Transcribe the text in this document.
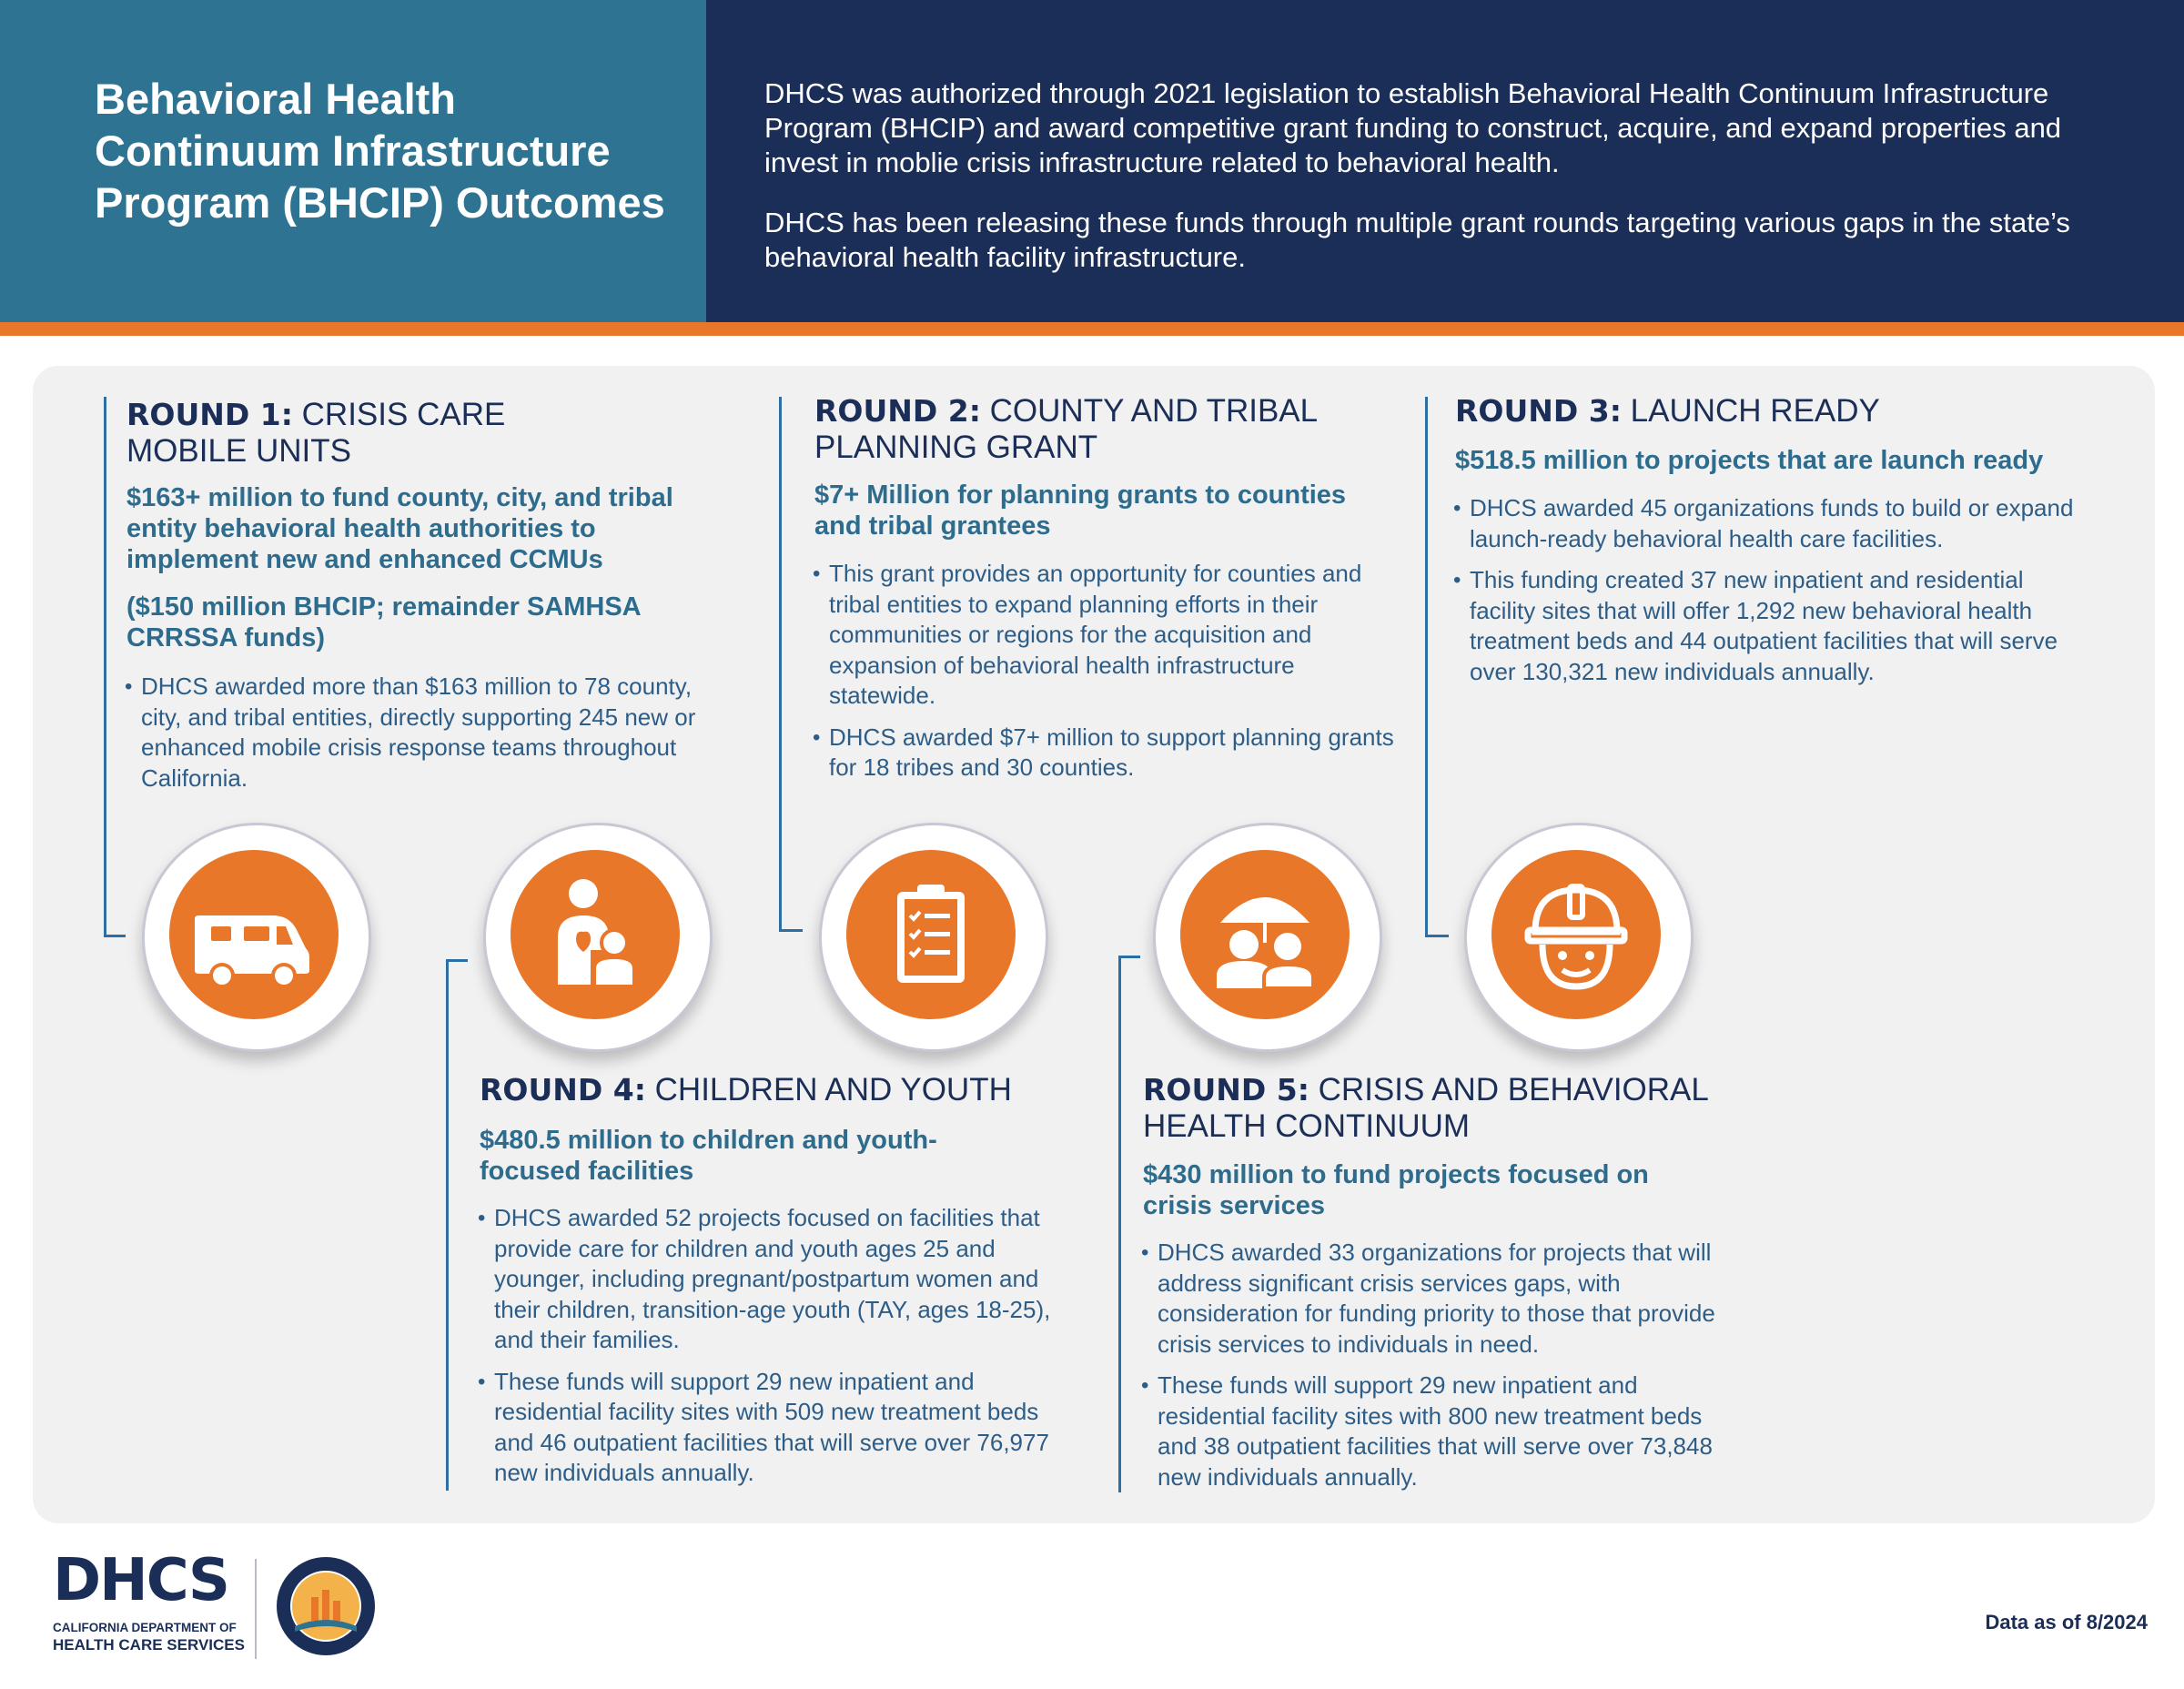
Behavioral Health Continuum Infrastructure Program (BHCIP) Outcomes

DHCS was authorized through 2021 legislation to establish Behavioral Health Continuum Infrastructure Program (BHCIP) and award competitive grant funding to construct, acquire, and expand properties and invest in moblie crisis infrastructure related to behavioral health.

DHCS has been releasing these funds through multiple grant rounds targeting various gaps in the state’s behavioral health facility infrastructure.

ROUND 1: CRISIS CARE MOBILE UNITS

$163+ million to fund county, city, and tribal entity behavioral health authorities to implement new and enhanced CCMUs

($150 million BHCIP; remainder SAMHSA CRRSSA funds)

• DHCS awarded more than $163 million to 78 county, city, and tribal entities, directly supporting 245 new or enhanced mobile crisis response teams throughout California.
ROUND 2: COUNTY AND TRIBAL PLANNING GRANT

$7+ Million for planning grants to counties and tribal grantees

• This grant provides an opportunity for counties and tribal entities to expand planning efforts in their communities or regions for the acquisition and expansion of behavioral health infrastructure statewide.
• DHCS awarded $7+ million to support planning grants for 18 tribes and 30 counties.
ROUND 3: LAUNCH READY

$518.5 million to projects that are launch ready

• DHCS awarded 45 organizations funds to build or expand launch-ready behavioral health care facilities.
• This funding created 37 new inpatient and residential facility sites that will offer 1,292 new behavioral health treatment beds and 44 outpatient facilities that will serve over 130,321 new individuals annually.
ROUND 4: CHILDREN AND YOUTH

$480.5 million to children and youth-focused facilities

• DHCS awarded 52 projects focused on facilities that provide care for children and youth ages 25 and younger, including pregnant/postpartum women and their children, transition-age youth (TAY, ages 18-25), and their families.
• These funds will support 29 new inpatient and residential facility sites with 509 new treatment beds and 46 outpatient facilities that will serve over 76,977 new individuals annually.
ROUND 5: CRISIS AND BEHAVIORAL HEALTH CONTINUUM

$430 million to fund projects focused on crisis services

• DHCS awarded 33 organizations for projects that will address significant crisis services gaps, with consideration for funding priority to those that provide crisis services to individuals in need.
• These funds will support 29 new inpatient and residential facility sites with 800 new treatment beds and 38 outpatient facilities that will serve over 73,848 new individuals annually.
DHCS
CALIFORNIA DEPARTMENT OF
HEALTH CARE SERVICES

Data as of 8/2024
